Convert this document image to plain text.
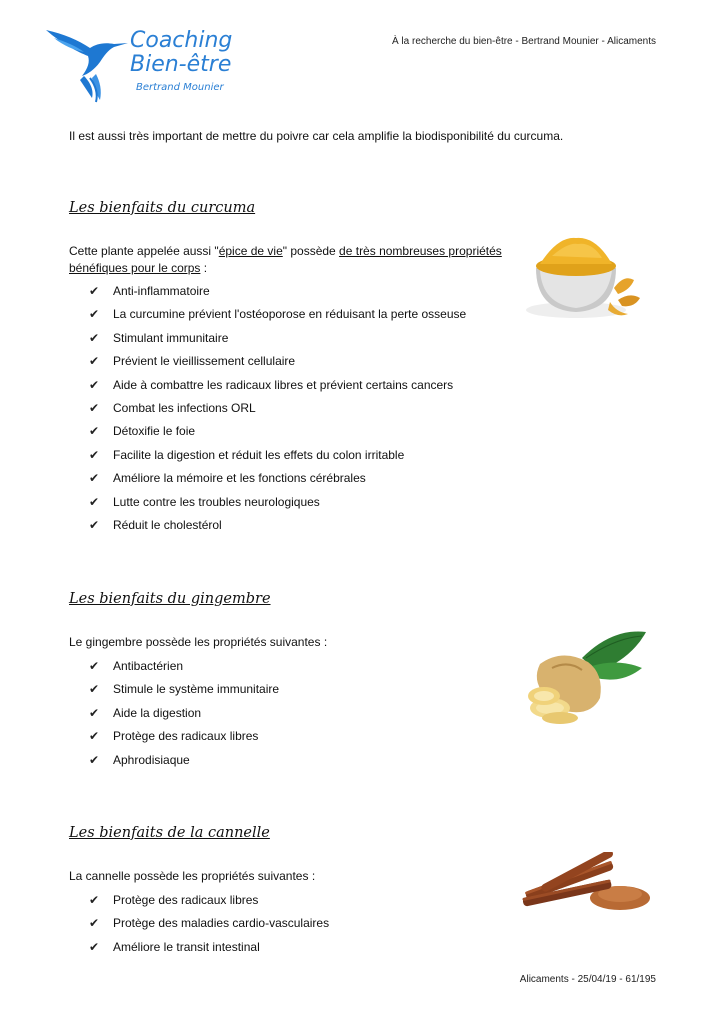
Coaching
Bien-être
Bertrand Mounier
À la recherche du bien-être - Bertrand Mounier - Alicaments
Il est aussi très important de mettre du poivre car cela amplifie la biodisponibilité du curcuma.
Les bienfaits du curcuma
Cette plante appelée aussi "épice de vie" possède de très nombreuses propriétés
bénéfiques pour le corps :
✔	Anti-inflammatoire
✔	La curcumine prévient l'ostéoporose en réduisant la perte osseuse
✔	Stimulant immunitaire
✔	Prévient le vieillissement cellulaire
✔	Aide à combattre les radicaux libres et prévient certains cancers
✔	Combat les infections ORL
✔	Détoxifie le foie
✔	Facilite la digestion et réduit les effets du colon irritable
✔	Améliore la mémoire et les fonctions cérébrales
✔	Lutte contre les troubles neurologiques
✔	Réduit le cholestérol
Les bienfaits du gingembre
Le gingembre possède les propriétés suivantes :
✔	Antibactérien
✔	Stimule le système immunitaire
✔	Aide la digestion
✔	Protège des radicaux libres
✔	Aphrodisiaque
Les bienfaits de la cannelle
La cannelle possède les propriétés suivantes :
✔	Protège des radicaux libres
✔	Protège des maladies cardio-vasculaires
✔	Améliore le transit intestinal
Alicaments - 25/04/19 - 61/195
